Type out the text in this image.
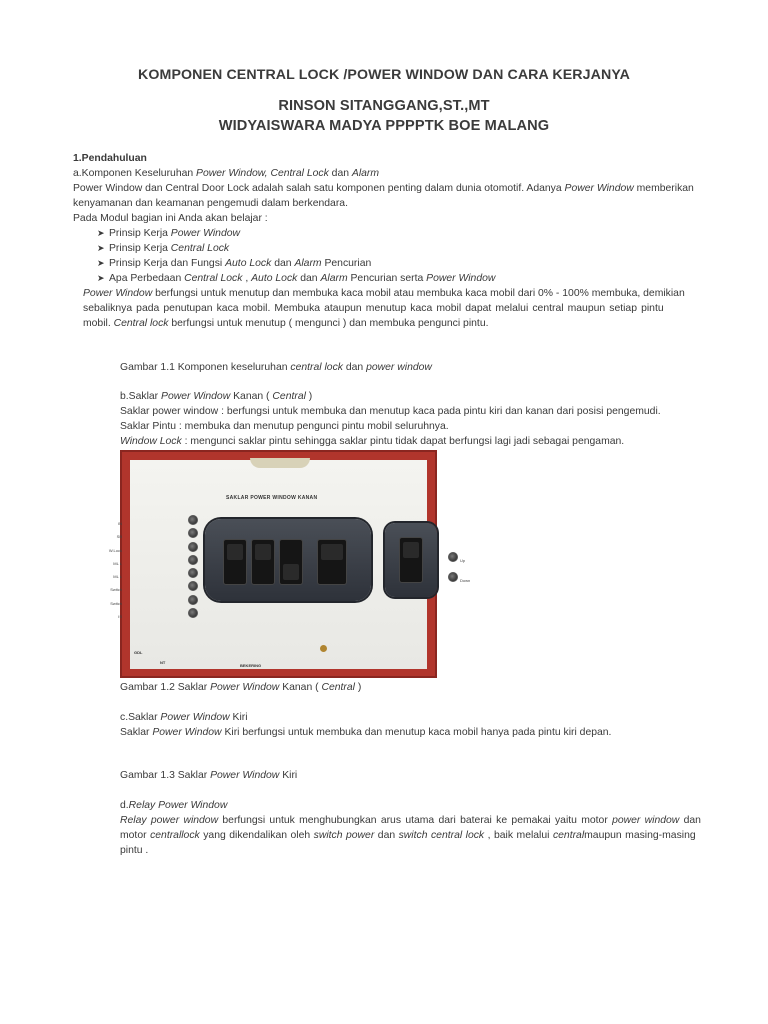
KOMPONEN CENTRAL LOCK /POWER WINDOW DAN CARA KERJANYA
RINSON SITANGGANG,ST.,MT
WIDYAISWARA MADYA PPPPTK BOE MALANG
1.Pendahuluan
a.Komponen Keseluruhan Power Window, Central Lock dan Alarm
Power Window dan Central Door Lock adalah salah satu komponen penting dalam dunia otomotif. Adanya Power Window memberikan
kenyamanan dan keamanan pengemudi dalam berkendara.
Pada Modul bagian ini Anda akan belajar :
➤ Prinsip Kerja Power Window
➤ Prinsip Kerja Central Lock
➤ Prinsip Kerja dan Fungsi Auto Lock dan Alarm Pencurian
➤ Apa Perbedaan Central Lock , Auto Lock dan Alarm Pencurian serta Power Window
Power Window berfungsi untuk menutup dan membuka kaca mobil atau membuka kaca mobil dari 0% - 100% membuka, demikian
sebaliknya pada penutupan kaca mobil. Membuka ataupun menutup kaca mobil dapat melalui central maupun setiap pintu
mobil. Central lock berfungsi untuk menutup ( mengunci ) dan membuka pengunci pintu.
Gambar 1.1 Komponen keseluruhan central lock dan power window
b.Saklar Power Window Kanan ( Central )
Saklar power window : berfungsi untuk membuka dan menutup kaca pada pintu kiri dan kanan dari posisi pengemudi.
Saklar Pintu : membuka dan menutup pengunci pintu mobil seluruhnya.
Window Lock : mengunci saklar pintu sehingga saklar pintu tidak dapat berfungsi lagi jadi sebagai pengaman.
SAKLAR POWER WINDOW KANAN
IN
SB
W.Lock
ML L
ML L
Switch
Switch
IS
Up
Down
GDL
NT
BEKERING
Gambar 1.2 Saklar Power Window Kanan ( Central )
c.Saklar Power Window Kiri
Saklar Power Window Kiri berfungsi untuk membuka dan menutup kaca mobil hanya pada pintu kiri depan.
Gambar 1.3 Saklar Power Window Kiri
d.Relay Power Window
Relay power window berfungsi untuk menghubungkan arus utama dari baterai ke pemakai yaitu motor power window dan
motor centrallock yang dikendalikan oleh switch power dan switch central lock , baik melalui centralmaupun masing-masing
pintu .
